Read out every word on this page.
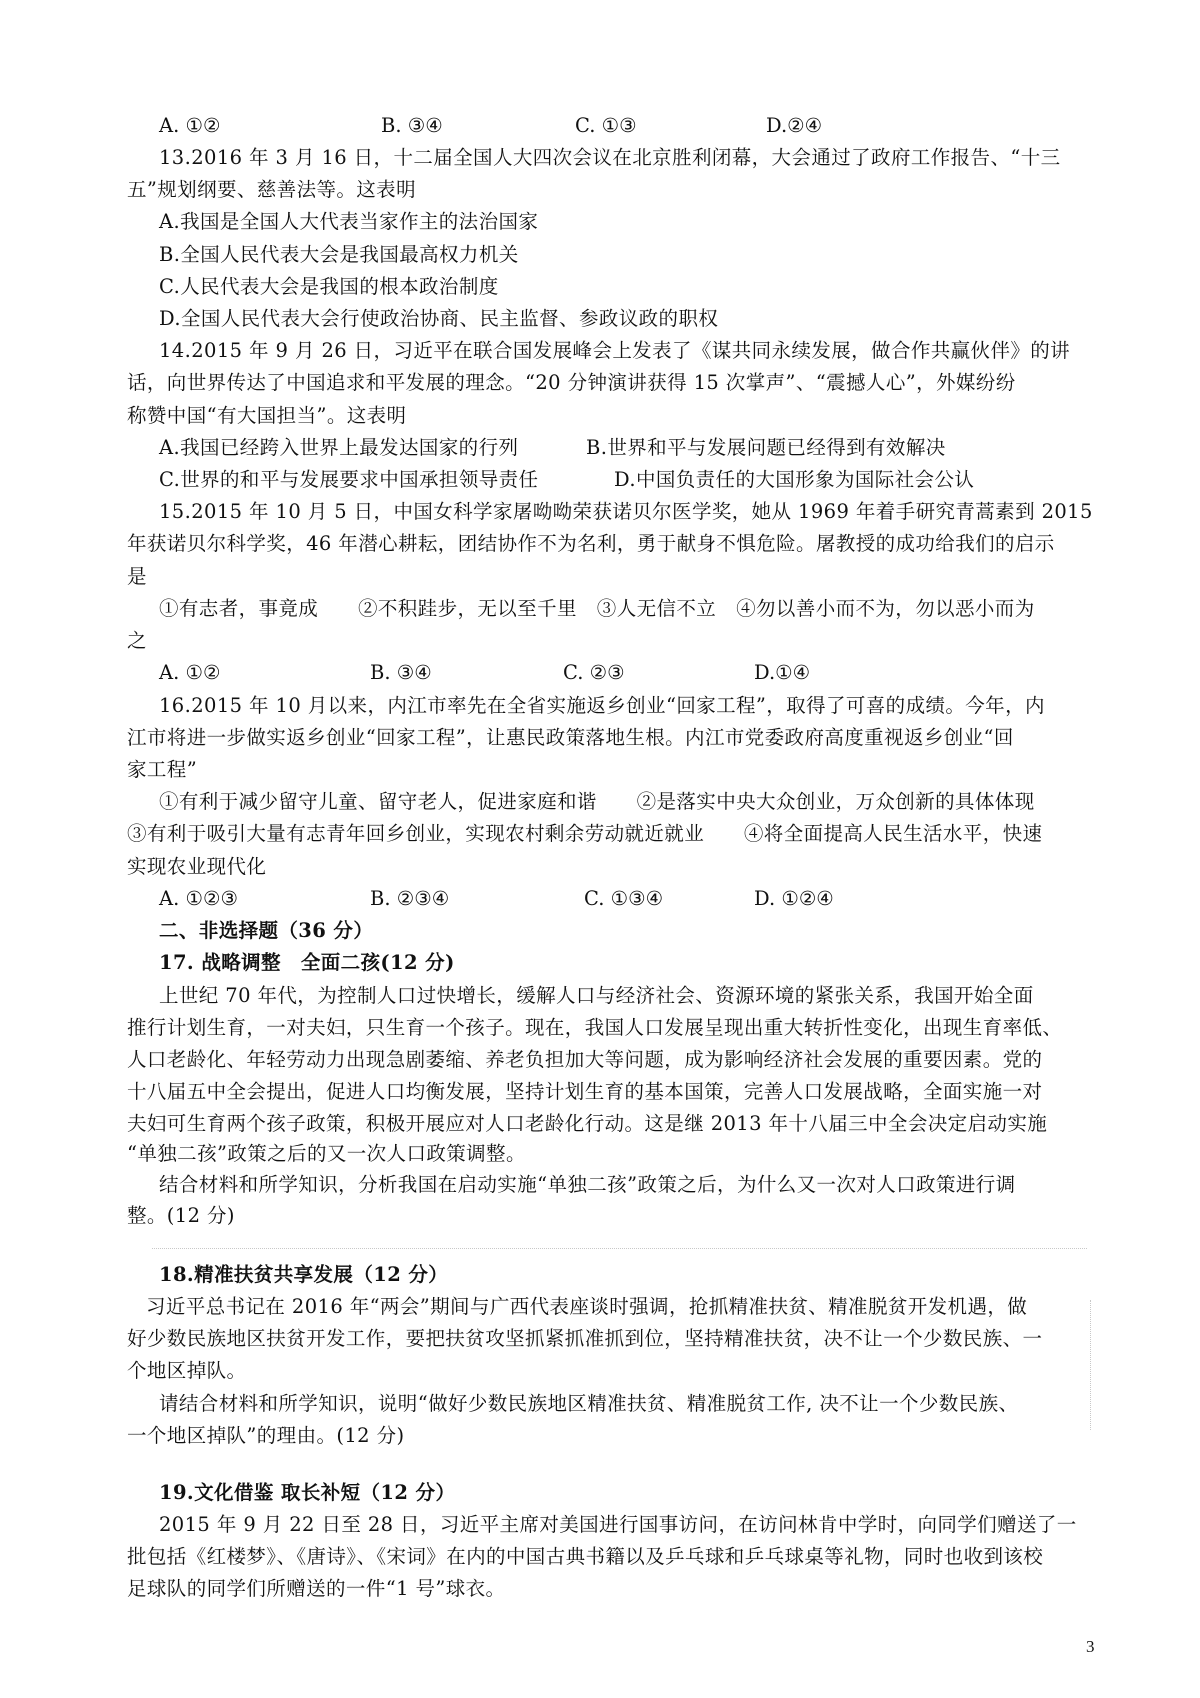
A. ①②	B. ③④	C. ①③	D.②④
13.2016 年 3 月 16 日，十二届全国人大四次会议在北京胜利闭幕，大会通过了政府工作报告、“十三
五”规划纲要、慈善法等。这表明
A.我国是全国人大代表当家作主的法治国家
B.全国人民代表大会是我国最高权力机关
C.人民代表大会是我国的根本政治制度
D.全国人民代表大会行使政治协商、民主监督、参政议政的职权
14.2015 年 9 月 26 日，习近平在联合国发展峰会上发表了《谋共同永续发展，做合作共赢伙伴》的讲
话，向世界传达了中国追求和平发展的理念。“20 分钟演讲获得 15 次掌声”、“震撼人心”，外媒纷纷
称赞中国“有大国担当”。这表明
A.我国已经跨入世界上最发达国家的行列	B.世界和平与发展问题已经得到有效解决
C.世界的和平与发展要求中国承担领导责任	D.中国负责任的大国形象为国际社会公认
15.2015 年 10 月 5 日，中国女科学家屠呦呦荣获诺贝尔医学奖，她从 1969 年着手研究青蒿素到 2015
年获诺贝尔科学奖，46 年潜心耕耘，团结协作不为名利，勇于献身不惧危险。屠教授的成功给我们的启示
是
①有志者，事竟成　　②不积跬步，无以至千里　③人无信不立　④勿以善小而不为，勿以恶小而为
之
A. ①②	B. ③④	C. ②③	D.①④
16.2015 年 10 月以来，内江市率先在全省实施返乡创业“回家工程”，取得了可喜的成绩。今年，内
江市将进一步做实返乡创业“回家工程”，让惠民政策落地生根。内江市党委政府高度重视返乡创业“回
家工程”
①有利于减少留守儿童、留守老人，促进家庭和谐　　②是落实中央大众创业，万众创新的具体体现
③有利于吸引大量有志青年回乡创业，实现农村剩余劳动就近就业　　④将全面提高人民生活水平，快速
实现农业现代化
A. ①②③	B. ②③④	C. ①③④	D. ①②④
二、非选择题（36 分）
17. 战略调整　全面二孩(12 分)
上世纪 70 年代，为控制人口过快增长，缓解人口与经济社会、资源环境的紧张关系，我国开始全面
推行计划生育，一对夫妇，只生育一个孩子。现在，我国人口发展呈现出重大转折性变化，出现生育率低、
人口老龄化、年轻劳动力出现急剧萎缩、养老负担加大等问题，成为影响经济社会发展的重要因素。党的
十八届五中全会提出，促进人口均衡发展，坚持计划生育的基本国策，完善人口发展战略，全面实施一对
夫妇可生育两个孩子政策，积极开展应对人口老龄化行动。这是继 2013 年十八届三中全会决定启动实施
“单独二孩”政策之后的又一次人口政策调整。
结合材料和所学知识，分析我国在启动实施“单独二孩”政策之后，为什么又一次对人口政策进行调
整。(12 分)
18.精准扶贫共享发展（12 分）
习近平总书记在 2016 年“两会”期间与广西代表座谈时强调，抢抓精准扶贫、精准脱贫开发机遇，做
好少数民族地区扶贫开发工作，要把扶贫攻坚抓紧抓准抓到位，坚持精准扶贫，决不让一个少数民族、一
个地区掉队。
请结合材料和所学知识，说明“做好少数民族地区精准扶贫、精准脱贫工作, 决不让一个少数民族、
一个地区掉队”的理由。(12 分)
19.文化借鉴 取长补短（12 分）
2015 年 9 月 22 日至 28 日，习近平主席对美国进行国事访问，在访问林肯中学时，向同学们赠送了一
批包括《红楼梦》、《唐诗》、《宋词》在内的中国古典书籍以及乒乓球和乒乓球桌等礼物，同时也收到该校
足球队的同学们所赠送的一件“1 号”球衣。
3
